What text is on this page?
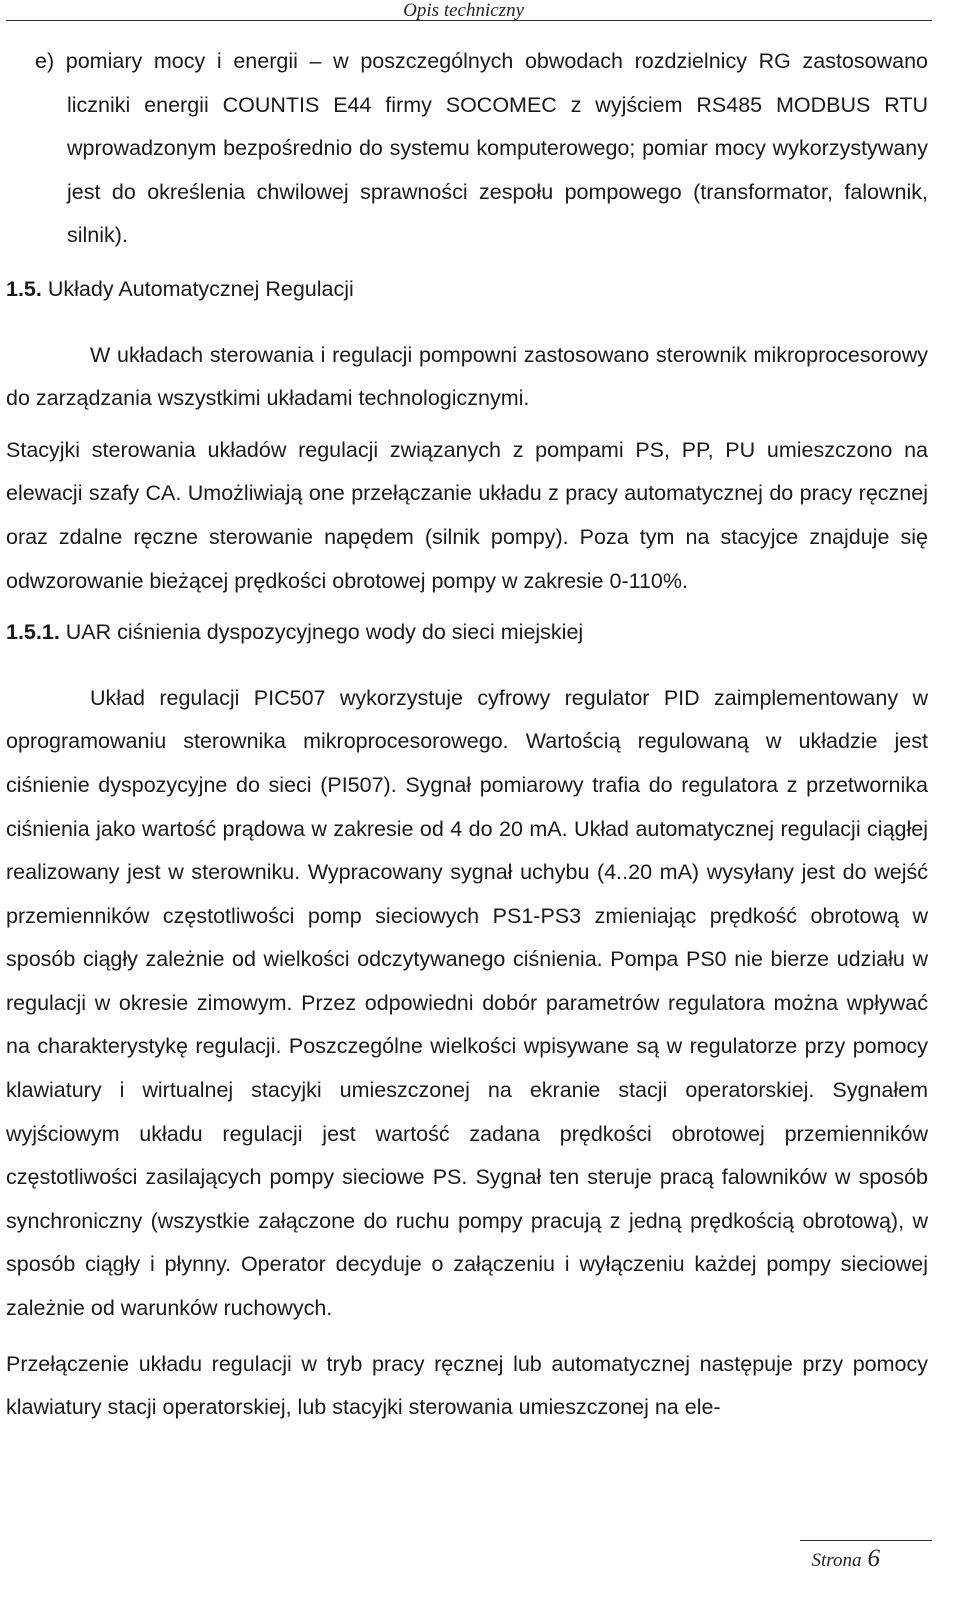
Opis techniczny

e) pomiary mocy i energii – w poszczególnych obwodach rozdzielnicy RG zastosowano liczniki energii COUNTIS E44 firmy SOCOMEC z wyjściem RS485 MODBUS RTU wprowadzonym bezpośrednio do systemu komputerowego; pomiar mocy wykorzystywany jest do określenia chwilowej sprawności zespołu pompowego (transformator, falownik, silnik).

1.5. Układy Automatycznej Regulacji

W układach sterowania i regulacji pompowni zastosowano sterownik mikroprocesorowy do zarządzania wszystkimi układami technologicznymi.

Stacyjki sterowania układów regulacji związanych z pompami PS, PP, PU umieszczono na elewacji szafy CA. Umożliwiają one przełączanie układu z pracy automatycznej do pracy ręcznej oraz zdalne ręczne sterowanie napędem (silnik pompy). Poza tym na stacyjce znajduje się odwzorowanie bieżącej prędkości obrotowej pompy w zakresie 0-110%.

1.5.1. UAR ciśnienia dyspozycyjnego wody do sieci miejskiej

Układ regulacji PIC507 wykorzystuje cyfrowy regulator PID zaimplementowany w oprogramowaniu sterownika mikroprocesorowego. Wartością regulowaną w układzie jest ciśnienie dyspozycyjne do sieci (PI507). Sygnał pomiarowy trafia do regulatora z przetwornika ciśnienia jako wartość prądowa w zakresie od 4 do 20 mA. Układ automatycznej regulacji ciągłej realizowany jest w sterowniku. Wypracowany sygnał uchybu (4..20 mA) wysyłany jest do wejść przemienników częstotliwości pomp sieciowych PS1-PS3 zmieniając prędkość obrotową w sposób ciągły zależnie od wielkości odczytywanego ciśnienia. Pompa PS0 nie bierze udziału w regulacji w okresie zimowym. Przez odpowiedni dobór parametrów regulatora można wpływać na charakterystykę regulacji. Poszczególne wielkości wpisywane są w regulatorze przy pomocy klawiatury i wirtualnej stacyjki umieszczonej na ekranie stacji operatorskiej. Sygnałem wyjściowym układu regulacji jest wartość zadana prędkości obrotowej przemienników częstotliwości zasilających pompy sieciowe PS. Sygnał ten steruje pracą falowników w sposób synchroniczny (wszystkie załączone do ruchu pompy pracują z jedną prędkością obrotową), w sposób ciągły i płynny. Operator decyduje o załączeniu i wyłączeniu każdej pompy sieciowej zależnie od warunków ruchowych.

Przełączenie układu regulacji w tryb pracy ręcznej lub automatycznej następuje przy pomocy klawiatury stacji operatorskiej, lub stacyjki sterowania umieszczonej na ele-

Strona 6
